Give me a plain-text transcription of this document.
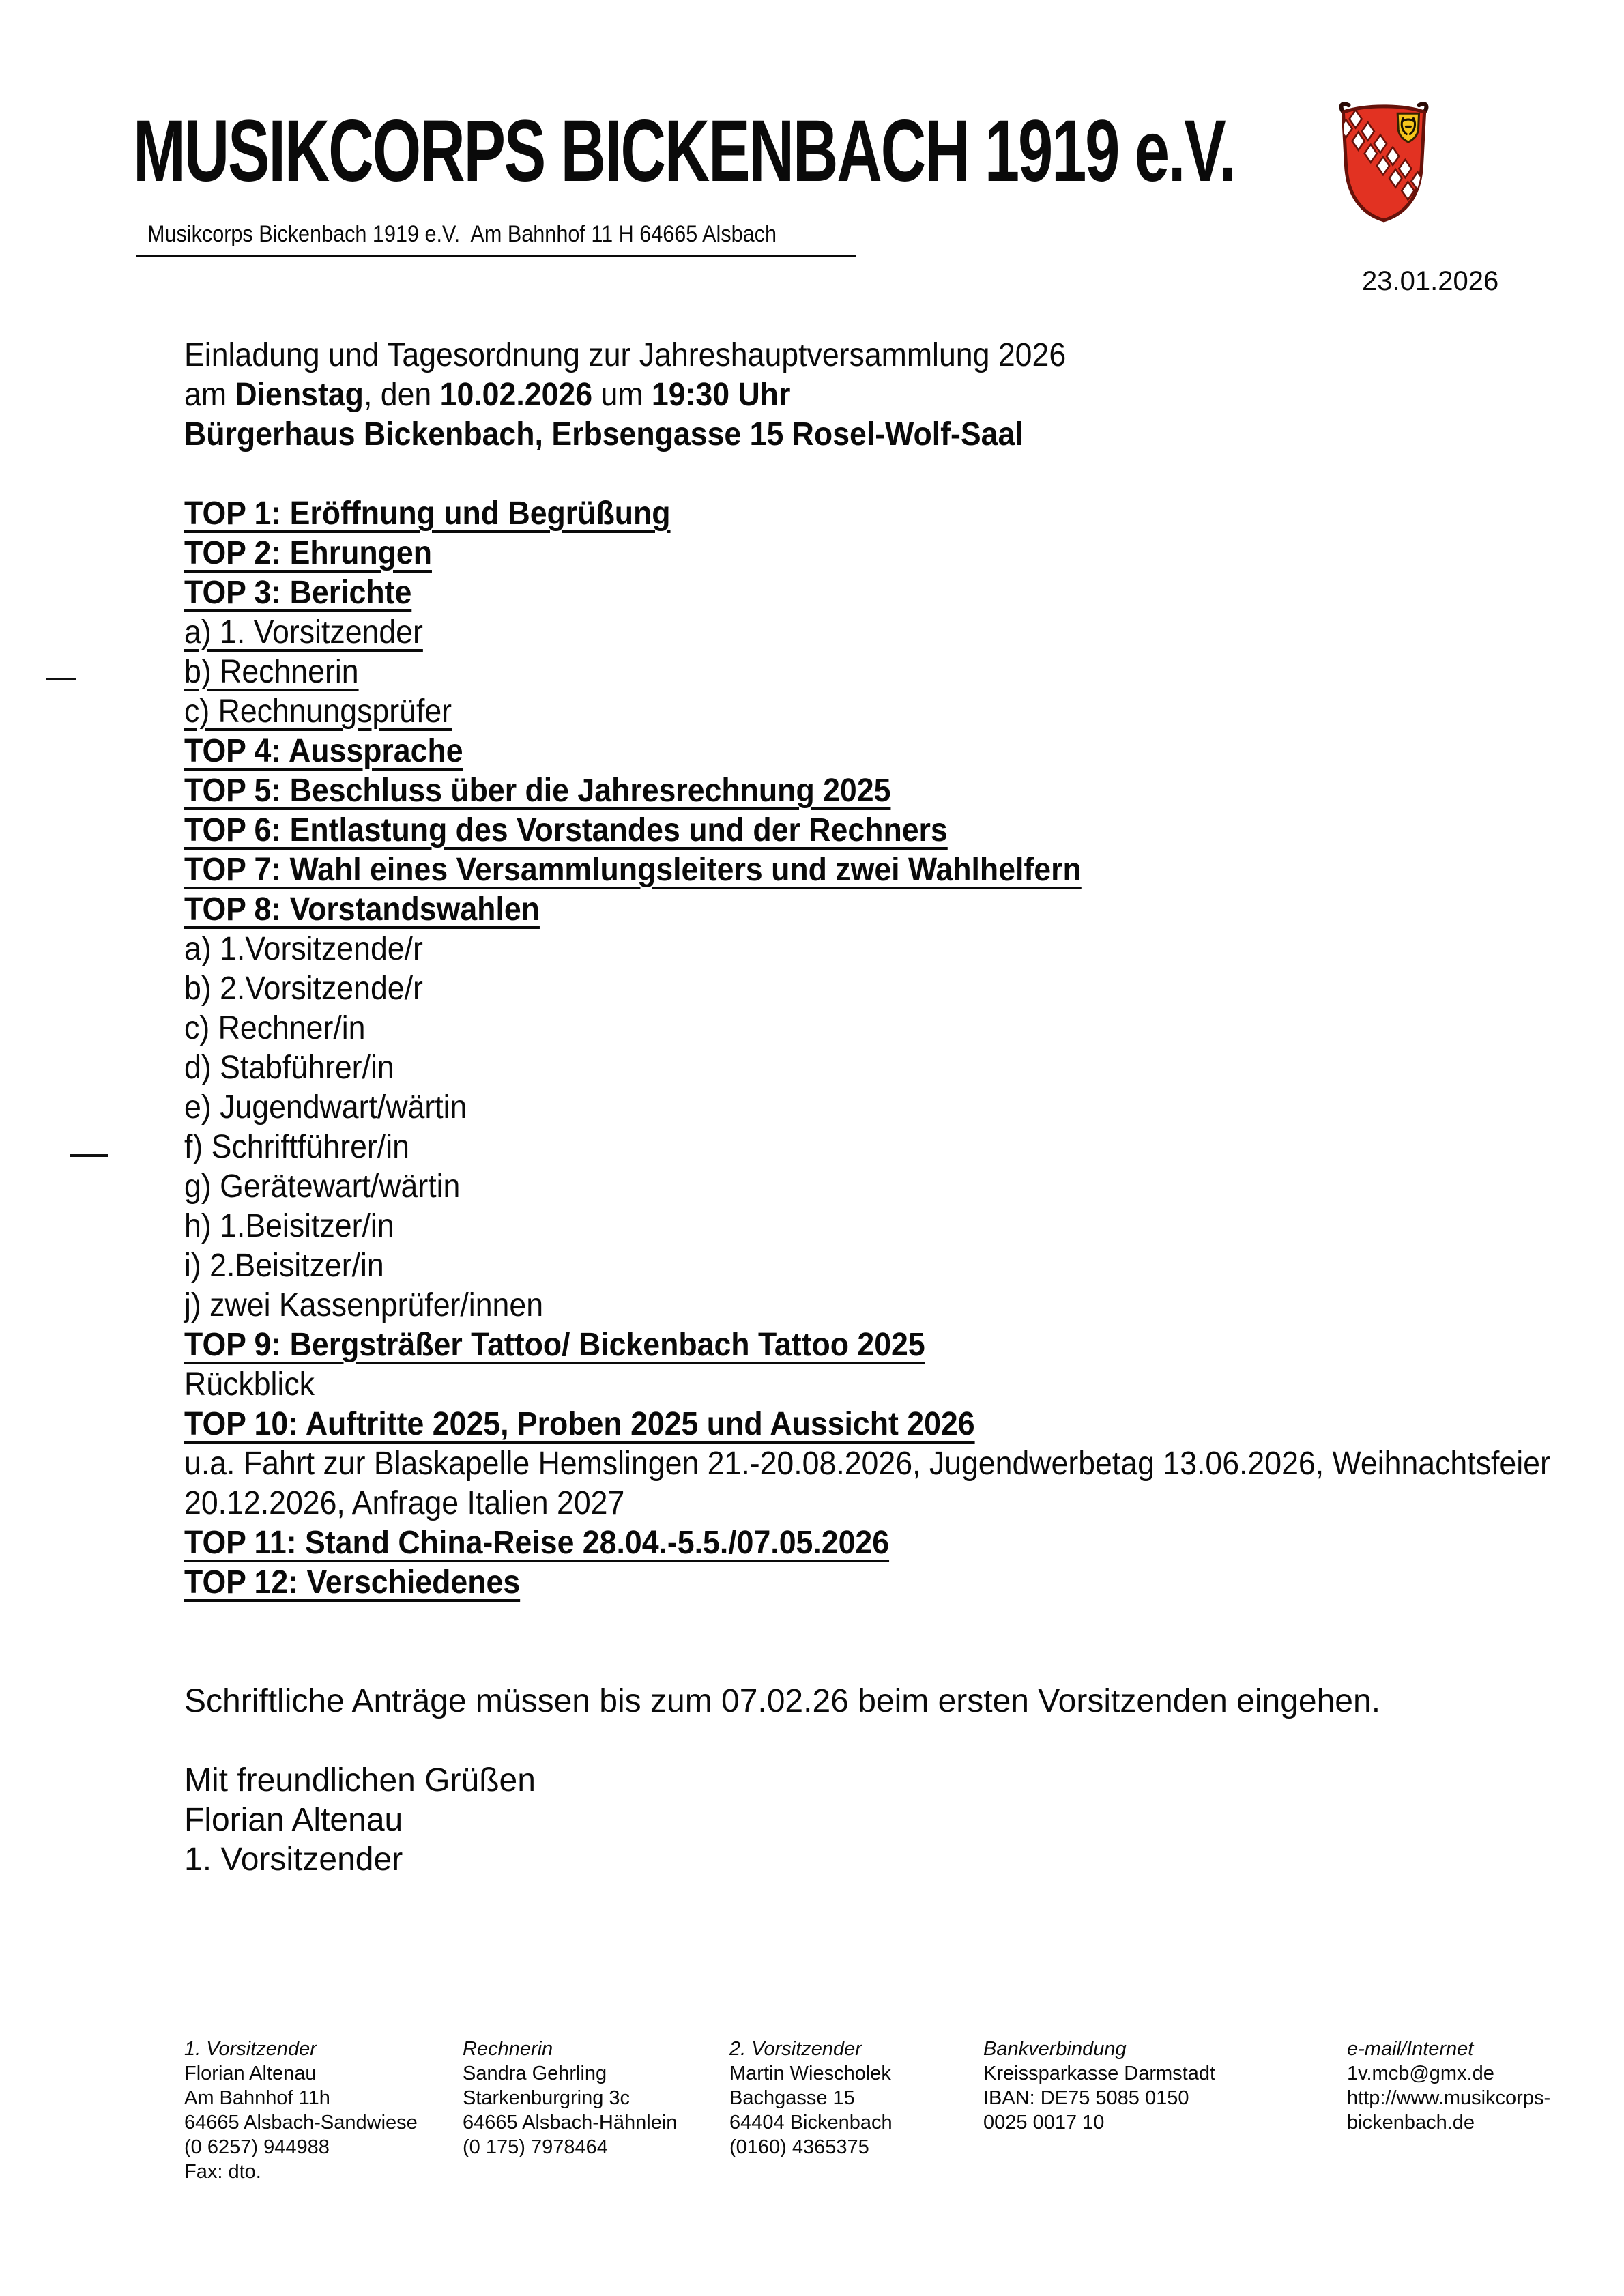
MUSIKCORPS BICKENBACH 1919 e.V.
Musikcorps Bickenbach 1919 e.V.  Am Bahnhof 11 H 64665 Alsbach
23.01.2026
Einladung und Tagesordnung zur Jahreshauptversammlung 2026
am Dienstag, den 10.02.2026 um 19:30 Uhr
Bürgerhaus Bickenbach, Erbsengasse 15 Rosel-Wolf-Saal

TOP 1: Eröffnung und Begrüßung
TOP 2: Ehrungen
TOP 3: Berichte
a) 1. Vorsitzender
b) Rechnerin
c) Rechnungsprüfer
TOP 4: Aussprache
TOP 5: Beschluss über die Jahresrechnung 2025
TOP 6: Entlastung des Vorstandes und der Rechners
TOP 7: Wahl eines Versammlungsleiters und zwei Wahlhelfern
TOP 8: Vorstandswahlen
a) 1.Vorsitzende/r
b) 2.Vorsitzende/r
c) Rechner/in
d) Stabführer/in
e) Jugendwart/wärtin
f) Schriftführer/in
g) Gerätewart/wärtin
h) 1.Beisitzer/in
i) 2.Beisitzer/in
j) zwei Kassenprüfer/innen
TOP 9: Bergsträßer Tattoo/ Bickenbach Tattoo 2025
Rückblick
TOP 10: Auftritte 2025, Proben 2025 und Aussicht 2026
u.a. Fahrt zur Blaskapelle Hemslingen 21.-20.08.2026, Jugendwerbetag 13.06.2026, Weihnachtsfeier
20.12.2026, Anfrage Italien 2027
TOP 11: Stand China-Reise 28.04.-5.5./07.05.2026
TOP 12: Verschiedenes

Schriftliche Anträge müssen bis zum 07.02.26 beim ersten Vorsitzenden eingehen.

Mit freundlichen Grüßen
Florian Altenau
1. Vorsitzender
1. Vorsitzender
Florian Altenau
Am Bahnhof 11h
64665 Alsbach-Sandwiese
(0 6257) 944988
Fax: dto.
Rechnerin
Sandra Gehrling
Starkenburgring 3c
64665 Alsbach-Hähnlein
(0 175) 7978464
2. Vorsitzender
Martin Wiescholek
Bachgasse 15
64404 Bickenbach
(0160) 4365375
Bankverbindung
Kreissparkasse Darmstadt
IBAN: DE75 5085 0150
0025 0017 10
e-mail/Internet
1v.mcb@gmx.de
http://www.musikcorps-
bickenbach.de
